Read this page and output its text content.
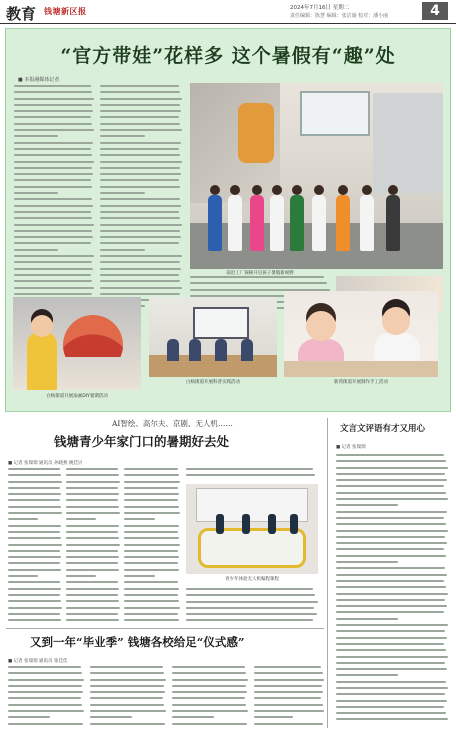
教育 钱塘新区报	2024年7月16日 星期二
责任编辑：陈慧 编辑：张洁瑜 校对：潘小丽	4
“官方带娃”花样多 这个暑假有“趣”处
■ 本报融媒体记者
前沿工厂探秘开启孩子暑假新视野
白杨街道开展扇画DIY暑期活动
白杨街道开展科普实践活动	新湾街道开展制作手工活动
AI智绘、高尔夫、京剧、无人机……
钱塘青少年家门口的暑期好去处
■ 记者 张瑞瑞 通讯员 孙晓燕 姚佳贝
青少年体验无人机编程课程
文言文评语有才又用心
■ 记者 张瑞瑞
又到一年“毕业季” 钱塘各校给足“仪式感”
■ 记者 张瑞瑞 通讯员 张佳佳
